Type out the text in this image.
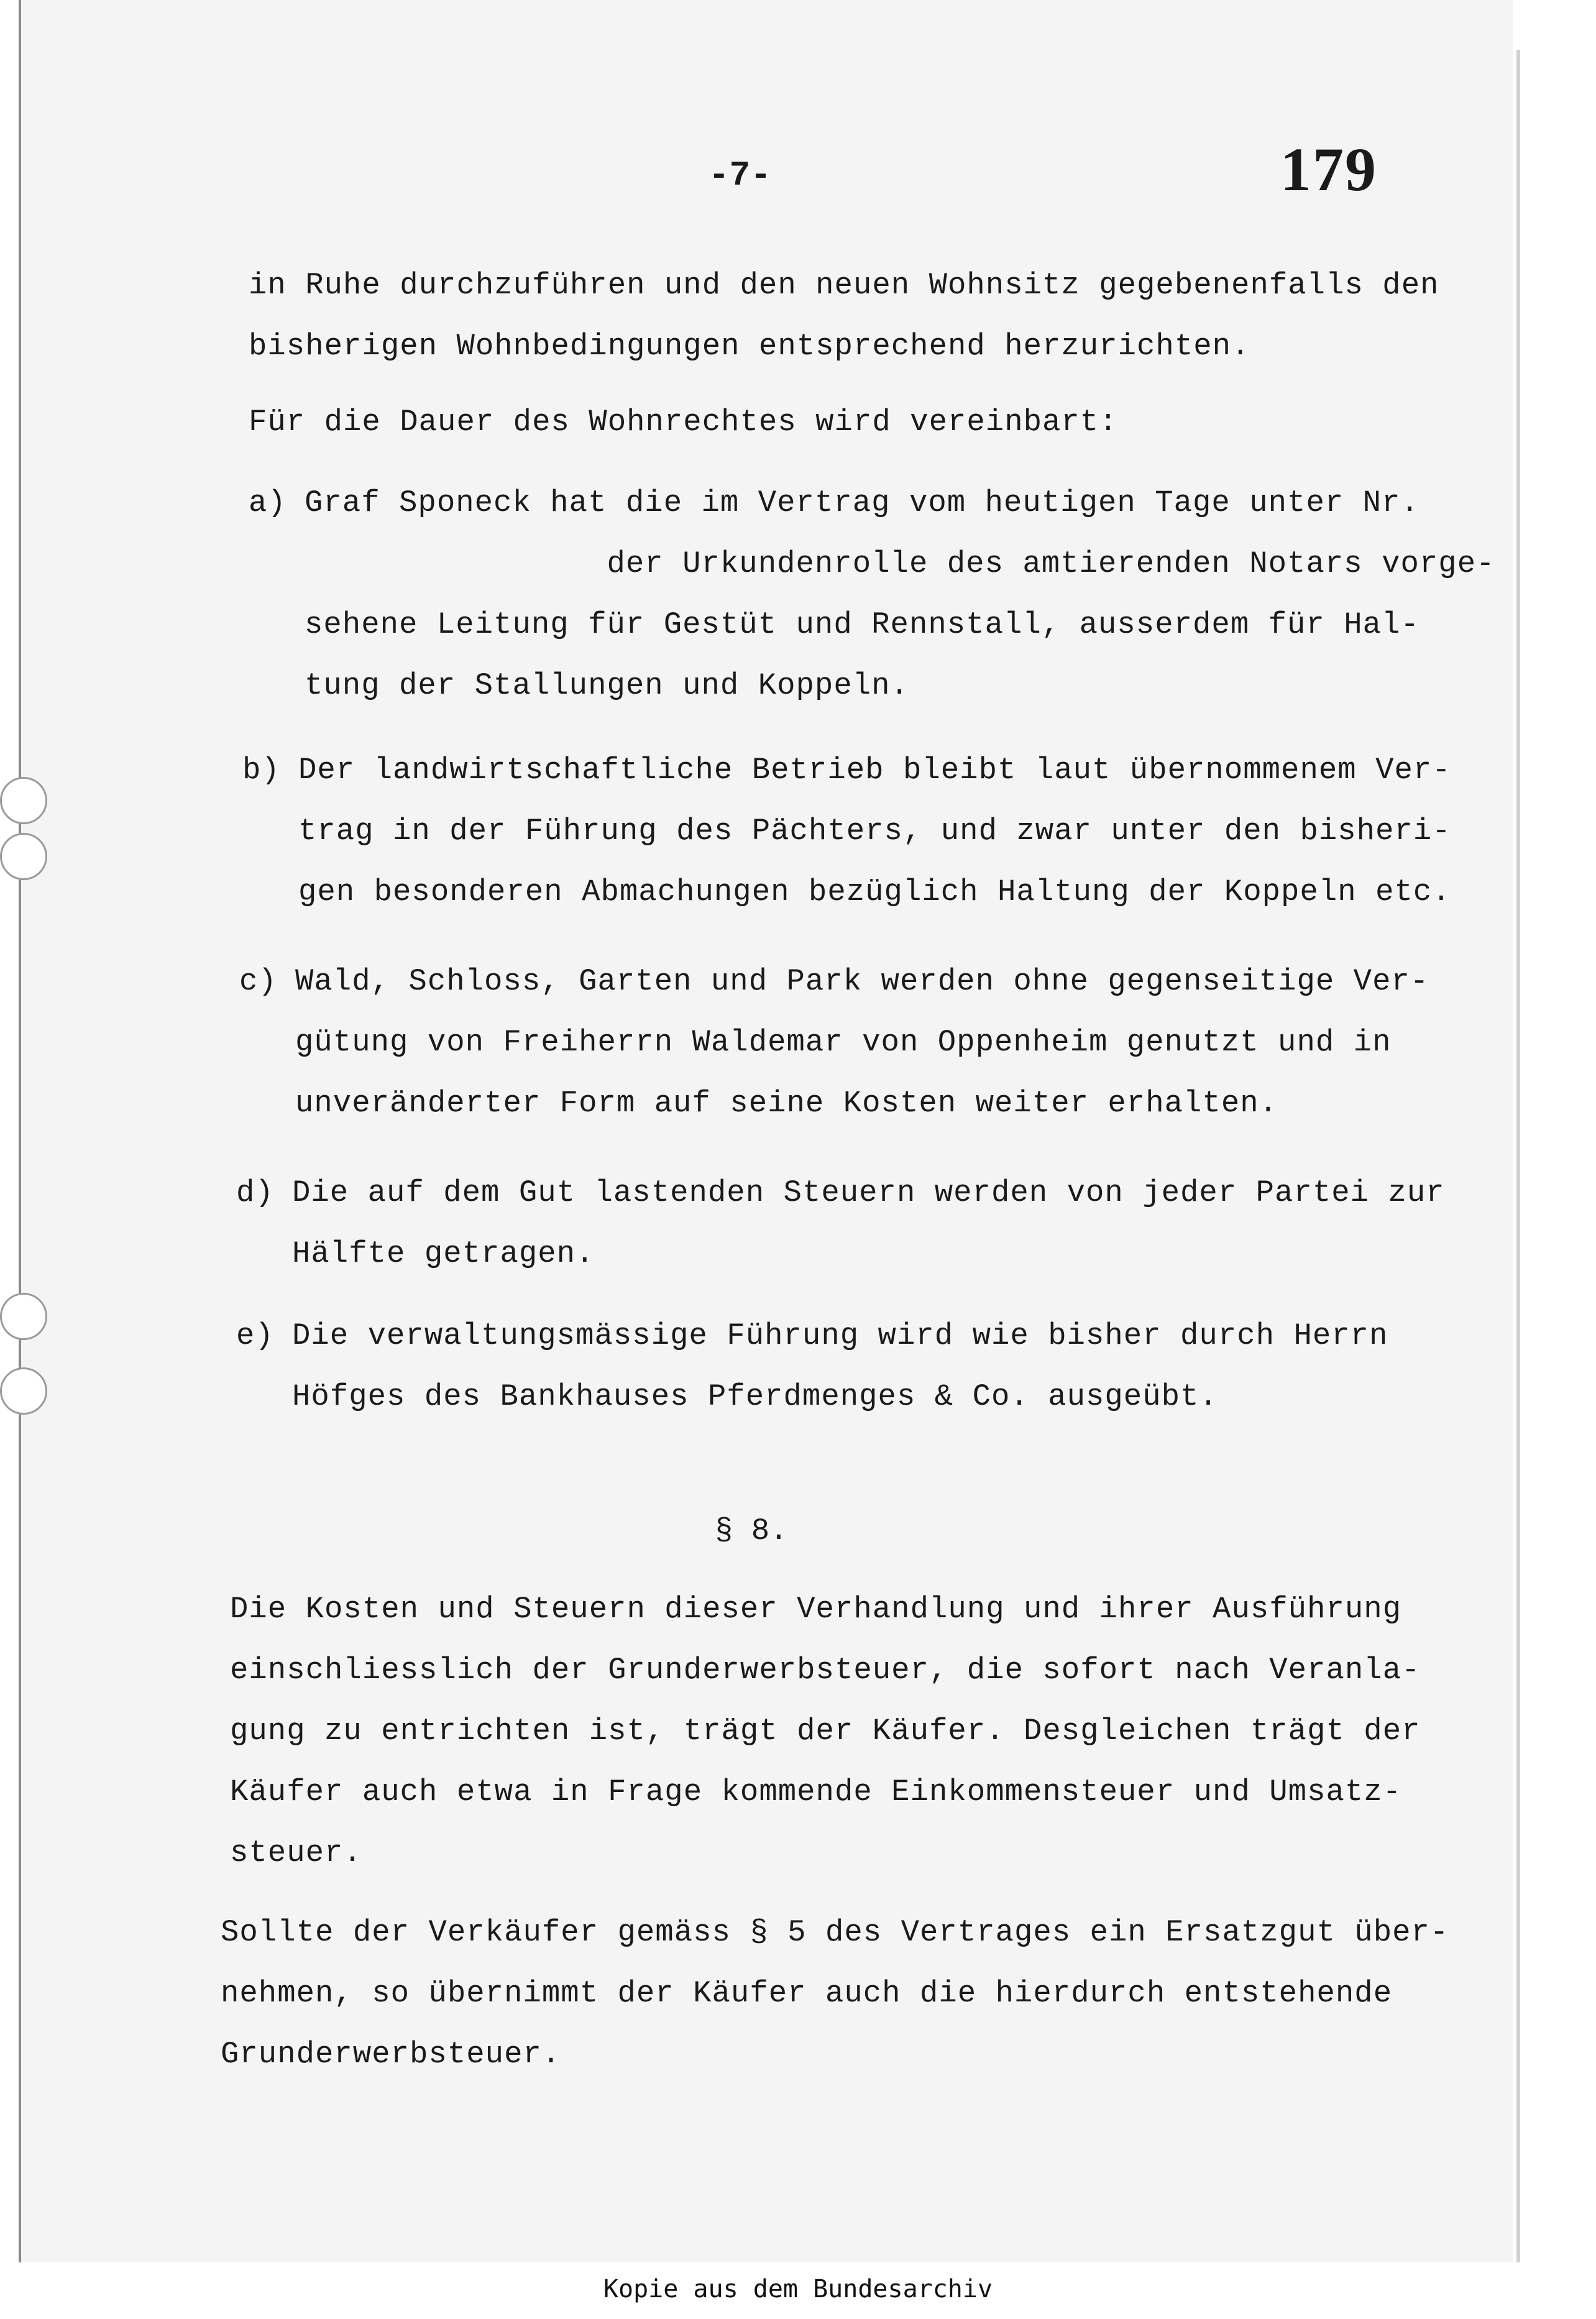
-7-	179
in Ruhe durchzuführen und den neuen Wohnsitz gegebenenfalls den
bisherigen Wohnbedingungen entsprechend herzurichten.
Für die Dauer des Wohnrechtes wird vereinbart:
a) Graf Sponeck hat die im Vertrag vom heutigen Tage unter Nr.
der Urkundenrolle des amtierenden Notars vorge-
sehene Leitung für Gestüt und Rennstall, ausserdem für Hal-
tung der Stallungen und Koppeln.
b) Der landwirtschaftliche Betrieb bleibt laut übernommenem Ver-
trag in der Führung des Pächters, und zwar unter den bisheri-
gen besonderen Abmachungen bezüglich Haltung der Koppeln etc.
c) Wald, Schloss, Garten und Park werden ohne gegenseitige Ver-
gütung von Freiherrn Waldemar von Oppenheim genutzt und in
unveränderter Form auf seine Kosten weiter erhalten.
d) Die auf dem Gut lastenden Steuern werden von jeder Partei zur
Hälfte getragen.
e) Die verwaltungsmässige Führung wird wie bisher durch Herrn
Höfges des Bankhauses Pferdmenges & Co. ausgeübt.
§ 8.
Die Kosten und Steuern dieser Verhandlung und ihrer Ausführung
einschliesslich der Grunderwerbsteuer, die sofort nach Veranla-
gung zu entrichten ist, trägt der Käufer. Desgleichen trägt der
Käufer auch etwa in Frage kommende Einkommensteuer und Umsatz-
steuer.
Sollte der Verkäufer gemäss § 5 des Vertrages ein Ersatzgut über-
nehmen, so übernimmt der Käufer auch die hierdurch entstehende
Grunderwerbsteuer.
Kopie aus dem Bundesarchiv
